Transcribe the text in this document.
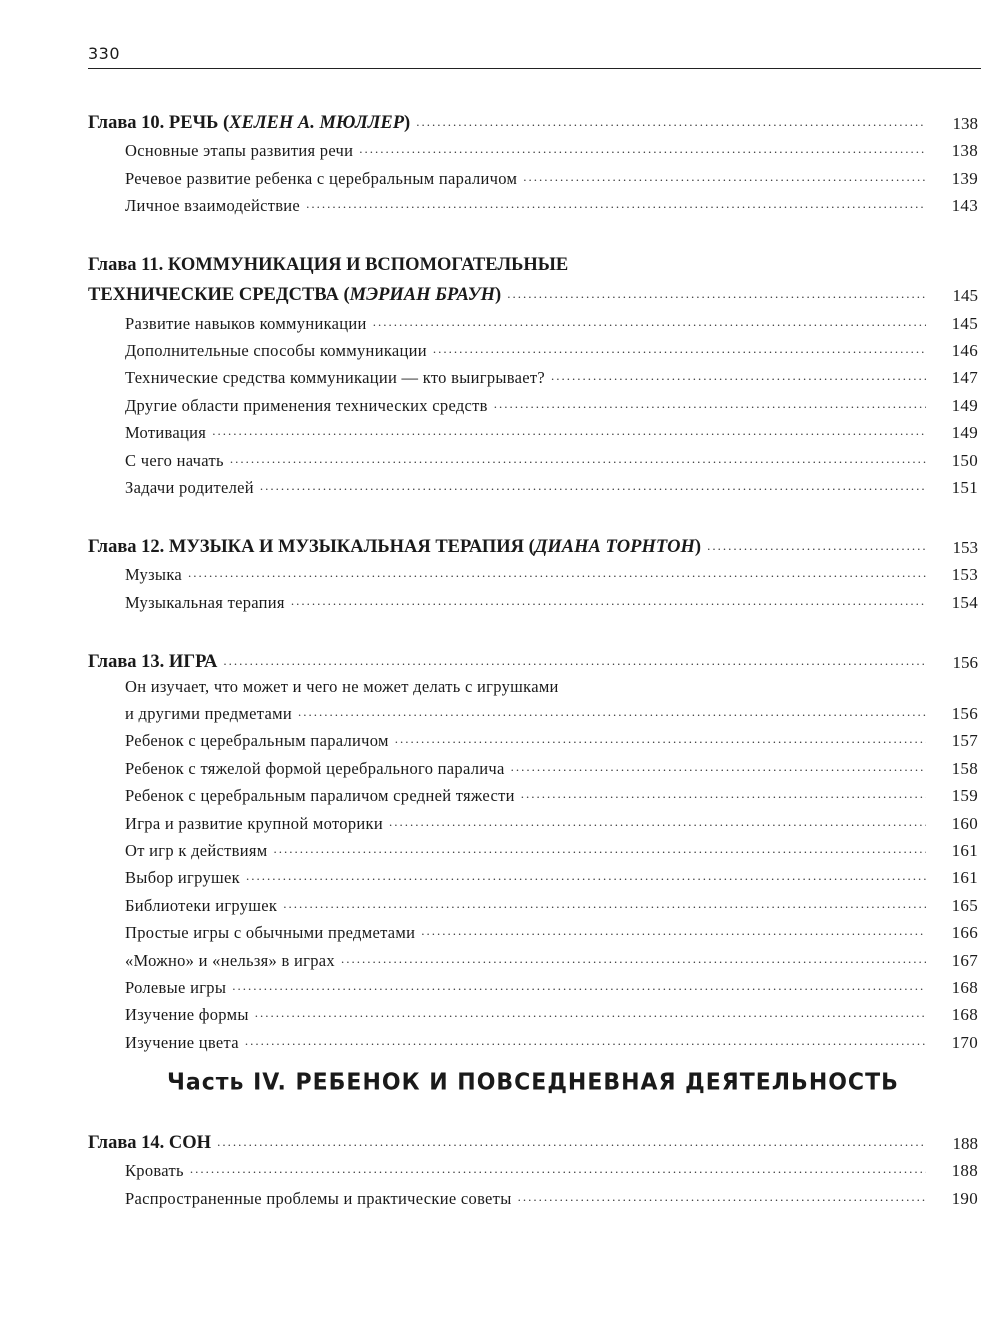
330
Глава 10. РЕЧЬ (ХЕЛЕН А. МЮЛЛЕР) .....	138
Основные этапы развития речи .....	138
Речевое развитие ребенка с церебральным параличом .....	139
Личное взаимодействие .....	143
Глава 11. КОММУНИКАЦИЯ И ВСПОМОГАТЕЛЬНЫЕ
ТЕХНИЧЕСКИЕ СРЕДСТВА (МЭРИАН БРАУН) .....	145
Развитие навыков коммуникации .....	145
Дополнительные способы коммуникации .....	146
Технические средства коммуникации — кто выигрывает? .....	147
Другие области применения технических средств .....	149
Мотивация .....	149
С чего начать .....	150
Задачи родителей .....	151
Глава 12. МУЗЫКА И МУЗЫКАЛЬНАЯ ТЕРАПИЯ (ДИАНА ТОРНТОН) .....	153
Музыка .....	153
Музыкальная терапия .....	154
Глава 13. ИГРА .....	156
Он изучает, что может и чего не может делать с игрушками
и другими предметами .....	156
Ребенок с церебральным параличом .....	157
Ребенок с тяжелой формой церебрального паралича .....	158
Ребенок с церебральным параличом средней тяжести .....	159
Игра и развитие крупной моторики .....	160
От игр к действиям .....	161
Выбор игрушек .....	161
Библиотеки игрушек .....	165
Простые игры с обычными предметами .....	166
«Можно» и «нельзя» в играх .....	167
Ролевые игры .....	168
Изучение формы .....	168
Изучение цвета .....	170
Часть IV. РЕБЕНОК И ПОВСЕДНЕВНАЯ ДЕЯТЕЛЬНОСТЬ
Глава 14. СОН .....	188
Кровать .....	188
Распространенные проблемы и практические советы .....	190
